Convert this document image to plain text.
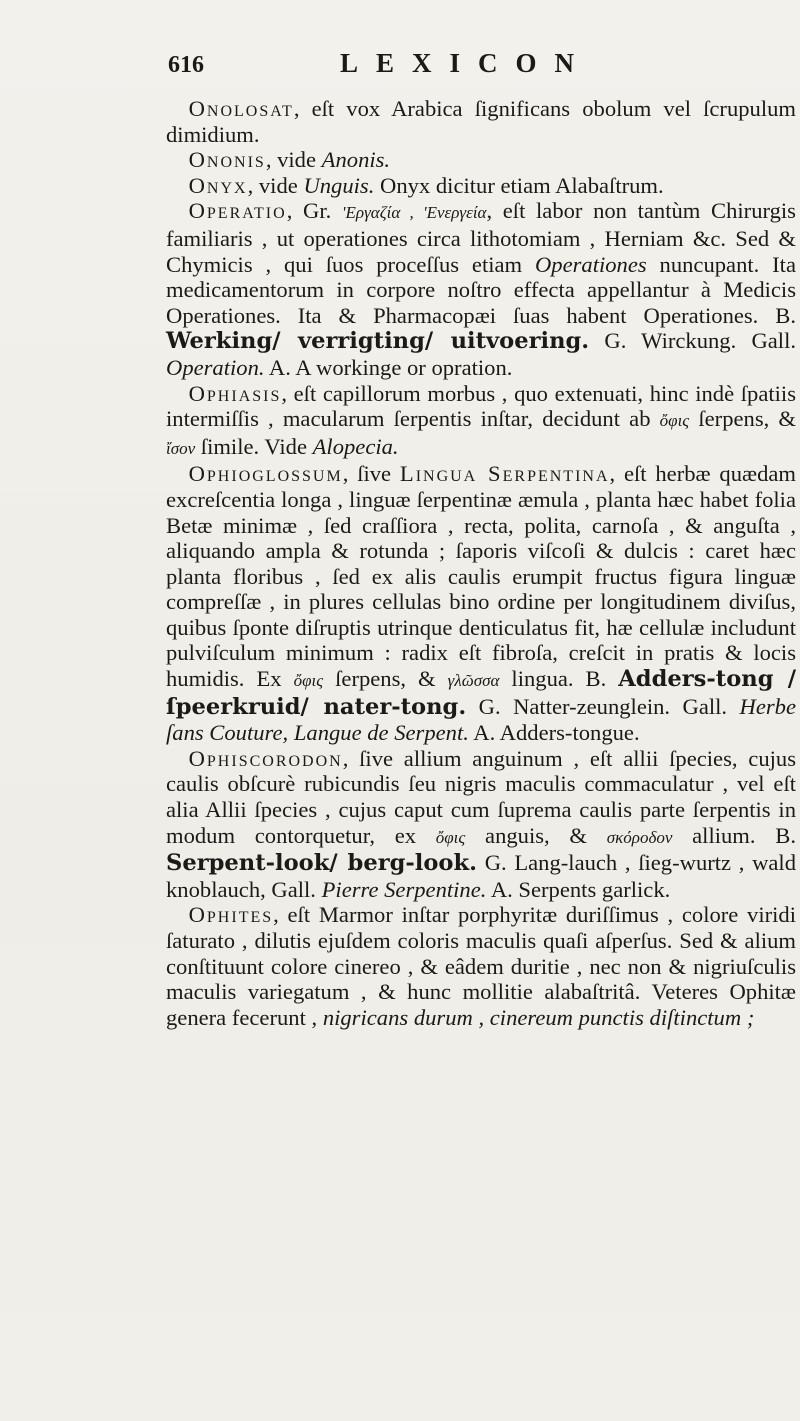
616	LEXICON

 Onolosat, eſt vox Arabica ſignificans obolum vel ſcrupulum dimidium.

 Ononis, vide Anonis.

 Onyx, vide Unguis. Onyx dicitur etiam Alabaſtrum.

 Operatio, Gr. 'Εργαζία , 'Ενεργεία, eſt labor non tantùm Chirurgis familiaris , ut operationes circa lithotomiam , Herniam &c. Sed & Chymicis , qui ſuos proceſſus etiam Operationes nuncupant. Ita medicamentorum in corpore noſtro effecta appellantur à Medicis Operationes. Ita & Pharmacopæi ſuas habent Operationes. B. Werking/ verrigting/ uitvoering. G. Wirckung. Gall. Operation. A. A workinge or opration.

 Ophiasis, eſt capillorum morbus , quo extenuati, hinc indè ſpatiis intermiſſis , macularum ſerpentis inſtar, decidunt ab ὄφις ſerpens, & ἴσον ſimile. Vide Alopecia.

 Ophioglossum, ſive Lingua Serpentina, eſt herbæ quædam excreſcentia longa , linguæ ſerpentinæ æmula , planta hæc habet folia Betæ minimæ , ſed craſſiora , recta, polita, carnoſa , & anguſta , aliquando ampla & rotunda ; ſaporis viſcoſi & dulcis : caret hæc planta floribus , ſed ex alis caulis erumpit fructus figura linguæ compreſſæ , in plures cellulas bino ordine per longitudinem diviſus, quibus ſponte diſruptis utrinque denticulatus fit, hæ cellulæ includunt pulviſculum minimum : radix eſt fibroſa, creſcit in pratis & locis humidis. Ex ὄφις ſerpens, & γλῶσσα lingua. B. Adders-tong / ſpeerkruid/ nater-tong. G. Natter-zeunglein. Gall. Herbe ſans Couture, Langue de Serpent. A. Adders-tongue.

 Ophiscorodon, ſive allium anguinum , eſt allii ſpecies, cujus caulis obſcurè rubicundis ſeu nigris maculis commaculatur , vel eſt alia Allii ſpecies , cujus caput cum ſuprema caulis parte ſerpentis in modum contorquetur, ex ὄφις anguis, & σκόροδον allium. B. Serpent-look/ berg-look. G. Lang-lauch , ſieg-wurtz , wald knoblauch, Gall. Pierre Serpentine. A. Serpents garlick.

 Ophites, eſt Marmor inſtar porphyritæ duriſſimus , colore viridi ſaturato , dilutis ejuſdem coloris maculis quaſi aſperſus. Sed & alium conſtituunt colore cinereo , & eâdem duritie , nec non & nigriuſculis maculis variegatum , & hunc mollitie alabaſtritâ. Veteres Ophitæ genera fecerunt , nigricans durum , cinereum punctis diſtinctum ;
